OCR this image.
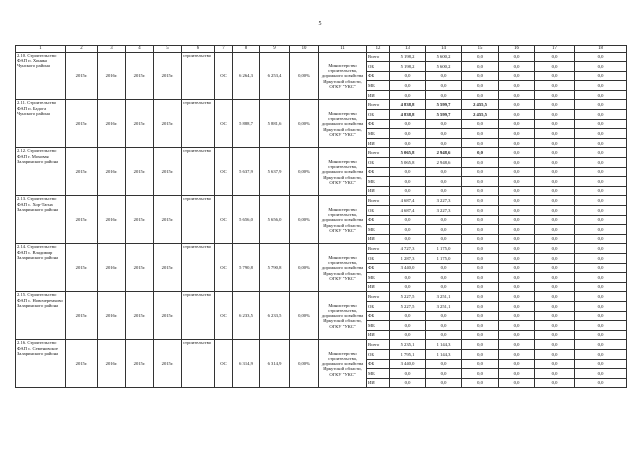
5
1	2	3	4	5	6	7	8	9	10	11	12	13	14	15	16	17	18
2.10. Строительство ФАП п. Хоняка Чунского района	2015г.	2016г.	2015г.	2015г.	строительство	ОС	6 264,3	6 253,4	0,00%	Министерство строительства, дорожного хозяйства Иркутской области, ОГКУ "УКС"	Всего	5 198,2	5 600,2	0,0	0,0	0,0	0,0
											ОБ	5 198,2	5 600,2	0,0	0,0	0,0	0,0
											ФБ	0,0	0,0	0,0	0,0	0,0	0,0
											МБ	0,0	0,0	0,0	0,0	0,0	0,0
											ИИ	0,0	0,0	0,0	0,0	0,0	0,0
2.11. Строительство ФАП п. Бадога Чунского района	2015г.	2016г.	2015г.	2015г.	строительство	ОС	5 888,7	5 881,6	0,00%	Министерство строительства, дорожного хозяйства Иркутской области, ОГКУ "УКС"	Всего	4 838,8	5 599,7	2 455,5	0,0	0,0	0,0
											ОБ	4 838,8	5 599,7	2 455,5	0,0	0,0	0,0
											ФБ	0,0	0,0	0,0	0,0	0,0	0,0
											МБ	0,0	0,0	0,0	0,0	0,0	0,0
											ИИ	0,0	0,0	0,0	0,0	0,0	0,0
2.12. Строительство ФАП г. Моховая Заларинского района	2015г.	2016г.	2015г.	2015г.	строительство	ОС	5 637,9	5 637,9	0,00%	Министерство строительства, дорожного хозяйства Иркутской области, ОГКУ "УКС"	Всего	5 065,8	2 948,6	0,0	0,0	0,0	0,0
											ОБ	5 065,8	2 948,6	0,0	0,0	0,0	0,0
											ФБ	0,0	0,0	0,0	0,0	0,0	0,0
											МБ	0,0	0,0	0,0	0,0	0,0	0,0
											ИИ	0,0	0,0	0,0	0,0	0,0	0,0
2.13. Строительство ФАП с. Хор-Тагна Заларинского района	2015г.	2016г.	2015г.	2015г.	строительство	ОС	5 656,0	5 656,0	0,00%	Министерство строительства, дорожного хозяйства Иркутской области, ОГКУ "УКС"	Всего	4 687,4	3 227,3	0,0	0,0	0,0	0,0
											ОБ	4 687,4	3 227,3	0,0	0,0	0,0	0,0
											ФБ	0,0	0,0	0,0	0,0	0,0	0,0
											МБ	0,0	0,0	0,0	0,0	0,0	0,0
											ИИ	0,0	0,0	0,0	0,0	0,0	0,0
2.14. Строительство ФАП с. Владимир Заларинского района	2015г.	2016г.	2015г.	2015г.	строительство	ОС	5 790,8	5 790,8	0,00%	Министерство строительства, дорожного хозяйства Иркутской области, ОГКУ "УКС"	Всего	4 727,3	1 175,0	0,0	0,0	0,0	0,0
											ОБ	1 287,3	1 175,0	0,0	0,0	0,0	0,0
											ФБ	3 440,0	0,0	0,0	0,0	0,0	0,0
											МБ	0,0	0,0	0,0	0,0	0,0	0,0
											ИИ	0,0	0,0	0,0	0,0	0,0	0,0
2.15. Строительство ФАП с. Новочеремхово Заларинского района	2015г.	2016г.	2015г.	2015г.	строительство	ОС	6 233,5	6 233,5	0,00%	Министерство строительства, дорожного хозяйства Иркутской области, ОГКУ "УКС"	Всего	5 227,5	3 251,1	0,0	0,0	0,0	0,0
											ОБ	5 227,5	3 251,1	0,0	0,0	0,0	0,0
											ФБ	0,0	0,0	0,0	0,0	0,0	0,0
											МБ	0,0	0,0	0,0	0,0	0,0	0,0
											ИИ	0,0	0,0	0,0	0,0	0,0	0,0
2.16. Строительство ФАП с. Семеновское Заларинского района	2015г.	2016г.	2015г.	2015г.	строительство	ОС	6 314,9	6 314,9	0,00%	Министерство строительства, дорожного хозяйства Иркутской области, ОГКУ "УКС"	Всего	5 235,1	1 144,3	0,0	0,0	0,0	0,0
											ОБ	1 795,1	1 144,3	0,0	0,0	0,0	0,0
											ФБ	3 440,0	0,0	0,0	0,0	0,0	0,0
											МБ	0,0	0,0	0,0	0,0	0,0	0,0
											ИИ	0,0	0,0	0,0	0,0	0,0	0,0
